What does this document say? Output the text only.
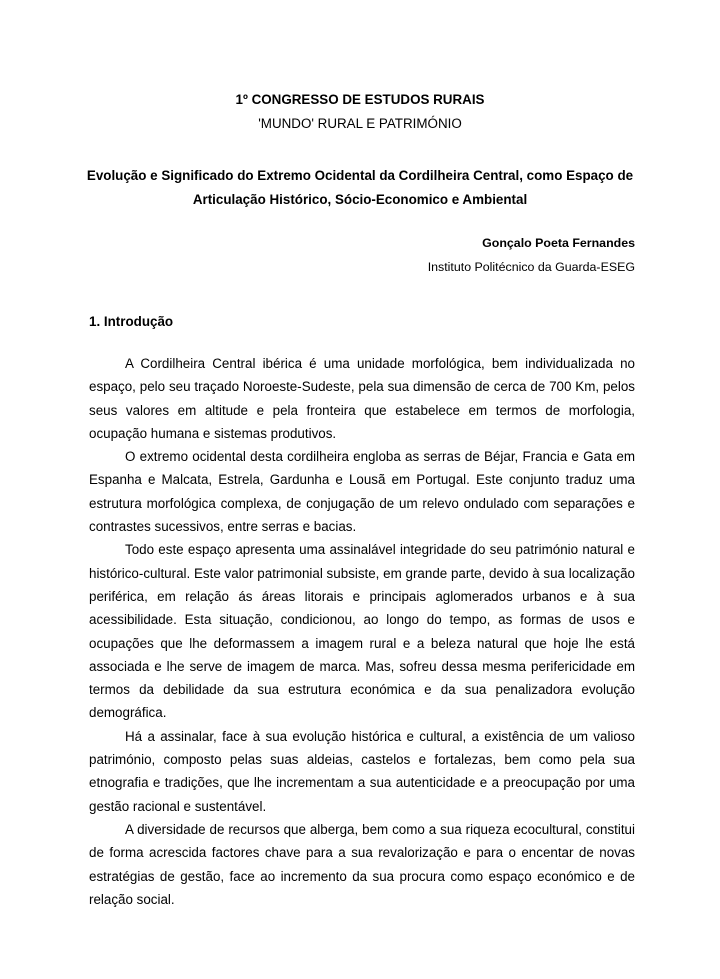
1º CONGRESSO DE ESTUDOS RURAIS
'MUNDO' RURAL E PATRIMÓNIO
Evolução e Significado do Extremo Ocidental da Cordilheira Central, como Espaço de Articulação Histórico, Sócio-Economico e Ambiental
Gonçalo Poeta Fernandes
Instituto Politécnico da Guarda-ESEG
1. Introdução

A Cordilheira Central ibérica é uma unidade morfológica, bem individualizada no espaço, pelo seu traçado Noroeste-Sudeste, pela sua dimensão de cerca de 700 Km, pelos seus valores em altitude e pela fronteira que estabelece em termos de morfologia, ocupação humana e sistemas produtivos.

O extremo ocidental desta cordilheira engloba as serras de Béjar, Francia e Gata em Espanha e Malcata, Estrela, Gardunha e Lousã em Portugal. Este conjunto traduz uma estrutura morfológica complexa, de conjugação de um relevo ondulado com separações e contrastes sucessivos, entre serras e bacias.

Todo este espaço apresenta uma assinalável integridade do seu património natural e histórico-cultural. Este valor patrimonial subsiste, em grande parte, devido à sua localização periférica, em relação ás áreas litorais e principais aglomerados urbanos e à sua acessibilidade. Esta situação, condicionou, ao longo do tempo, as formas de usos e ocupações que lhe deformassem a imagem rural e a beleza natural que hoje lhe está associada e lhe serve de imagem de marca. Mas, sofreu dessa mesma perifericidade em termos da debilidade da sua estrutura económica e da sua penalizadora evolução demográfica.

Há a assinalar, face à sua evolução histórica e cultural, a existência de um valioso património, composto pelas suas aldeias, castelos e fortalezas, bem como pela sua etnografia e tradições, que lhe incrementam a sua autenticidade e a preocupação por uma gestão racional e sustentável.

A diversidade de recursos que alberga, bem como a sua riqueza ecocultural, constitui de forma acrescida factores chave para a sua revalorização e para o encentar de novas estratégias de gestão, face ao incremento da sua procura como espaço económico e de relação social.
